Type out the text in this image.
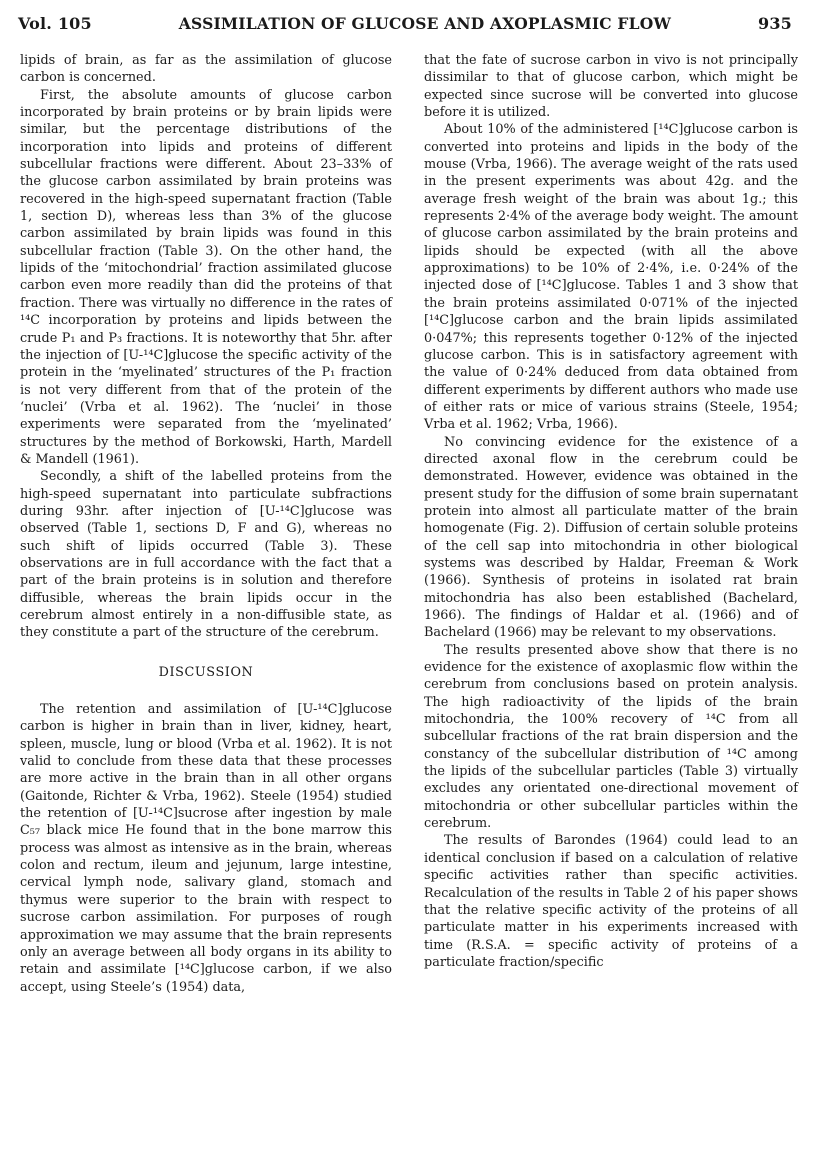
Vol. 105	ASSIMILATION OF GLUCOSE AND AXOPLASMIC FLOW	935

lipids of brain, as far as the assimilation of glucose carbon is concerned.

First, the absolute amounts of glucose carbon incorporated by brain proteins or by brain lipids were similar, but the percentage distributions of the incorporation into lipids and proteins of different subcellular fractions were different. About 23–33% of the glucose carbon assimilated by brain proteins was recovered in the high-speed supernatant fraction (Table 1, section D), whereas less than 3% of the glucose carbon assimilated by brain lipids was found in this subcellular fraction (Table 3). On the other hand, the lipids of the ‘mitochondrial’ fraction assimilated glucose carbon even more readily than did the proteins of that fraction. There was virtually no difference in the rates of ¹⁴C incorporation by proteins and lipids between the crude P₁ and P₃ fractions. It is noteworthy that 5hr. after the injection of [U-¹⁴C]glucose the specific activity of the protein in the ‘myelinated’ structures of the P₁ fraction is not very different from that of the protein of the ‘nuclei’ (Vrba et al. 1962). The ‘nuclei’ in those experiments were separated from the ‘myelinated’ structures by the method of Borkowski, Harth, Mardell & Mandell (1961).

Secondly, a shift of the labelled proteins from the high-speed supernatant into particulate subfractions during 93hr. after injection of [U-¹⁴C]glucose was observed (Table 1, sections D, F and G), whereas no such shift of lipids occurred (Table 3). These observations are in full accordance with the fact that a part of the brain proteins is in solution and therefore diffusible, whereas the brain lipids occur in the cerebrum almost entirely in a non-diffusible state, as they constitute a part of the structure of the cerebrum.

DISCUSSION

The retention and assimilation of [U-¹⁴C]glucose carbon is higher in brain than in liver, kidney, heart, spleen, muscle, lung or blood (Vrba et al. 1962). It is not valid to conclude from these data that these processes are more active in the brain than in all other organs (Gaitonde, Richter & Vrba, 1962). Steele (1954) studied the retention of [U-¹⁴C]sucrose after ingestion by male C₅₇ black mice He found that in the bone marrow this process was almost as intensive as in the brain, whereas colon and rectum, ileum and jejunum, large intestine, cervical lymph node, salivary gland, stomach and thymus were superior to the brain with respect to sucrose carbon assimilation. For purposes of rough approximation we may assume that the brain represents only an average between all body organs in its ability to retain and assimilate [¹⁴C]glucose carbon, if we also accept, using Steele’s (1954) data,

that the fate of sucrose carbon in vivo is not principally dissimilar to that of glucose carbon, which might be expected since sucrose will be converted into glucose before it is utilized.

About 10% of the administered [¹⁴C]glucose carbon is converted into proteins and lipids in the body of the mouse (Vrba, 1966). The average weight of the rats used in the present experiments was about 42g. and the average fresh weight of the brain was about 1g.; this represents 2·4% of the average body weight. The amount of glucose carbon assimilated by the brain proteins and lipids should be expected (with all the above approximations) to be 10% of 2·4%, i.e. 0·24% of the injected dose of [¹⁴C]glucose. Tables 1 and 3 show that the brain proteins assimilated 0·071% of the injected [¹⁴C]glucose carbon and the brain lipids assimilated 0·047%; this represents together 0·12% of the injected glucose carbon. This is in satisfactory agreement with the value of 0·24% deduced from data obtained from different experiments by different authors who made use of either rats or mice of various strains (Steele, 1954; Vrba et al. 1962; Vrba, 1966).

No convincing evidence for the existence of a directed axonal flow in the cerebrum could be demonstrated. However, evidence was obtained in the present study for the diffusion of some brain supernatant protein into almost all particulate matter of the brain homogenate (Fig. 2). Diffusion of certain soluble proteins of the cell sap into mitochondria in other biological systems was described by Haldar, Freeman & Work (1966). Synthesis of proteins in isolated rat brain mitochondria has also been established (Bachelard, 1966). The findings of Haldar et al. (1966) and of Bachelard (1966) may be relevant to my observations.

The results presented above show that there is no evidence for the existence of axoplasmic flow within the cerebrum from conclusions based on protein analysis. The high radioactivity of the lipids of the brain mitochondria, the 100% recovery of ¹⁴C from all subcellular fractions of the rat brain dispersion and the constancy of the subcellular distribution of ¹⁴C among the lipids of the subcellular particles (Table 3) virtually excludes any orientated one-directional movement of mitochondria or other subcellular particles within the cerebrum.

The results of Barondes (1964) could lead to an identical conclusion if based on a calculation of relative specific activities rather than specific activities. Recalculation of the results in Table 2 of his paper shows that the relative specific activity of the proteins of all particulate matter in his experiments increased with time (R.S.A. = specific activity of proteins of a particulate fraction/specific
